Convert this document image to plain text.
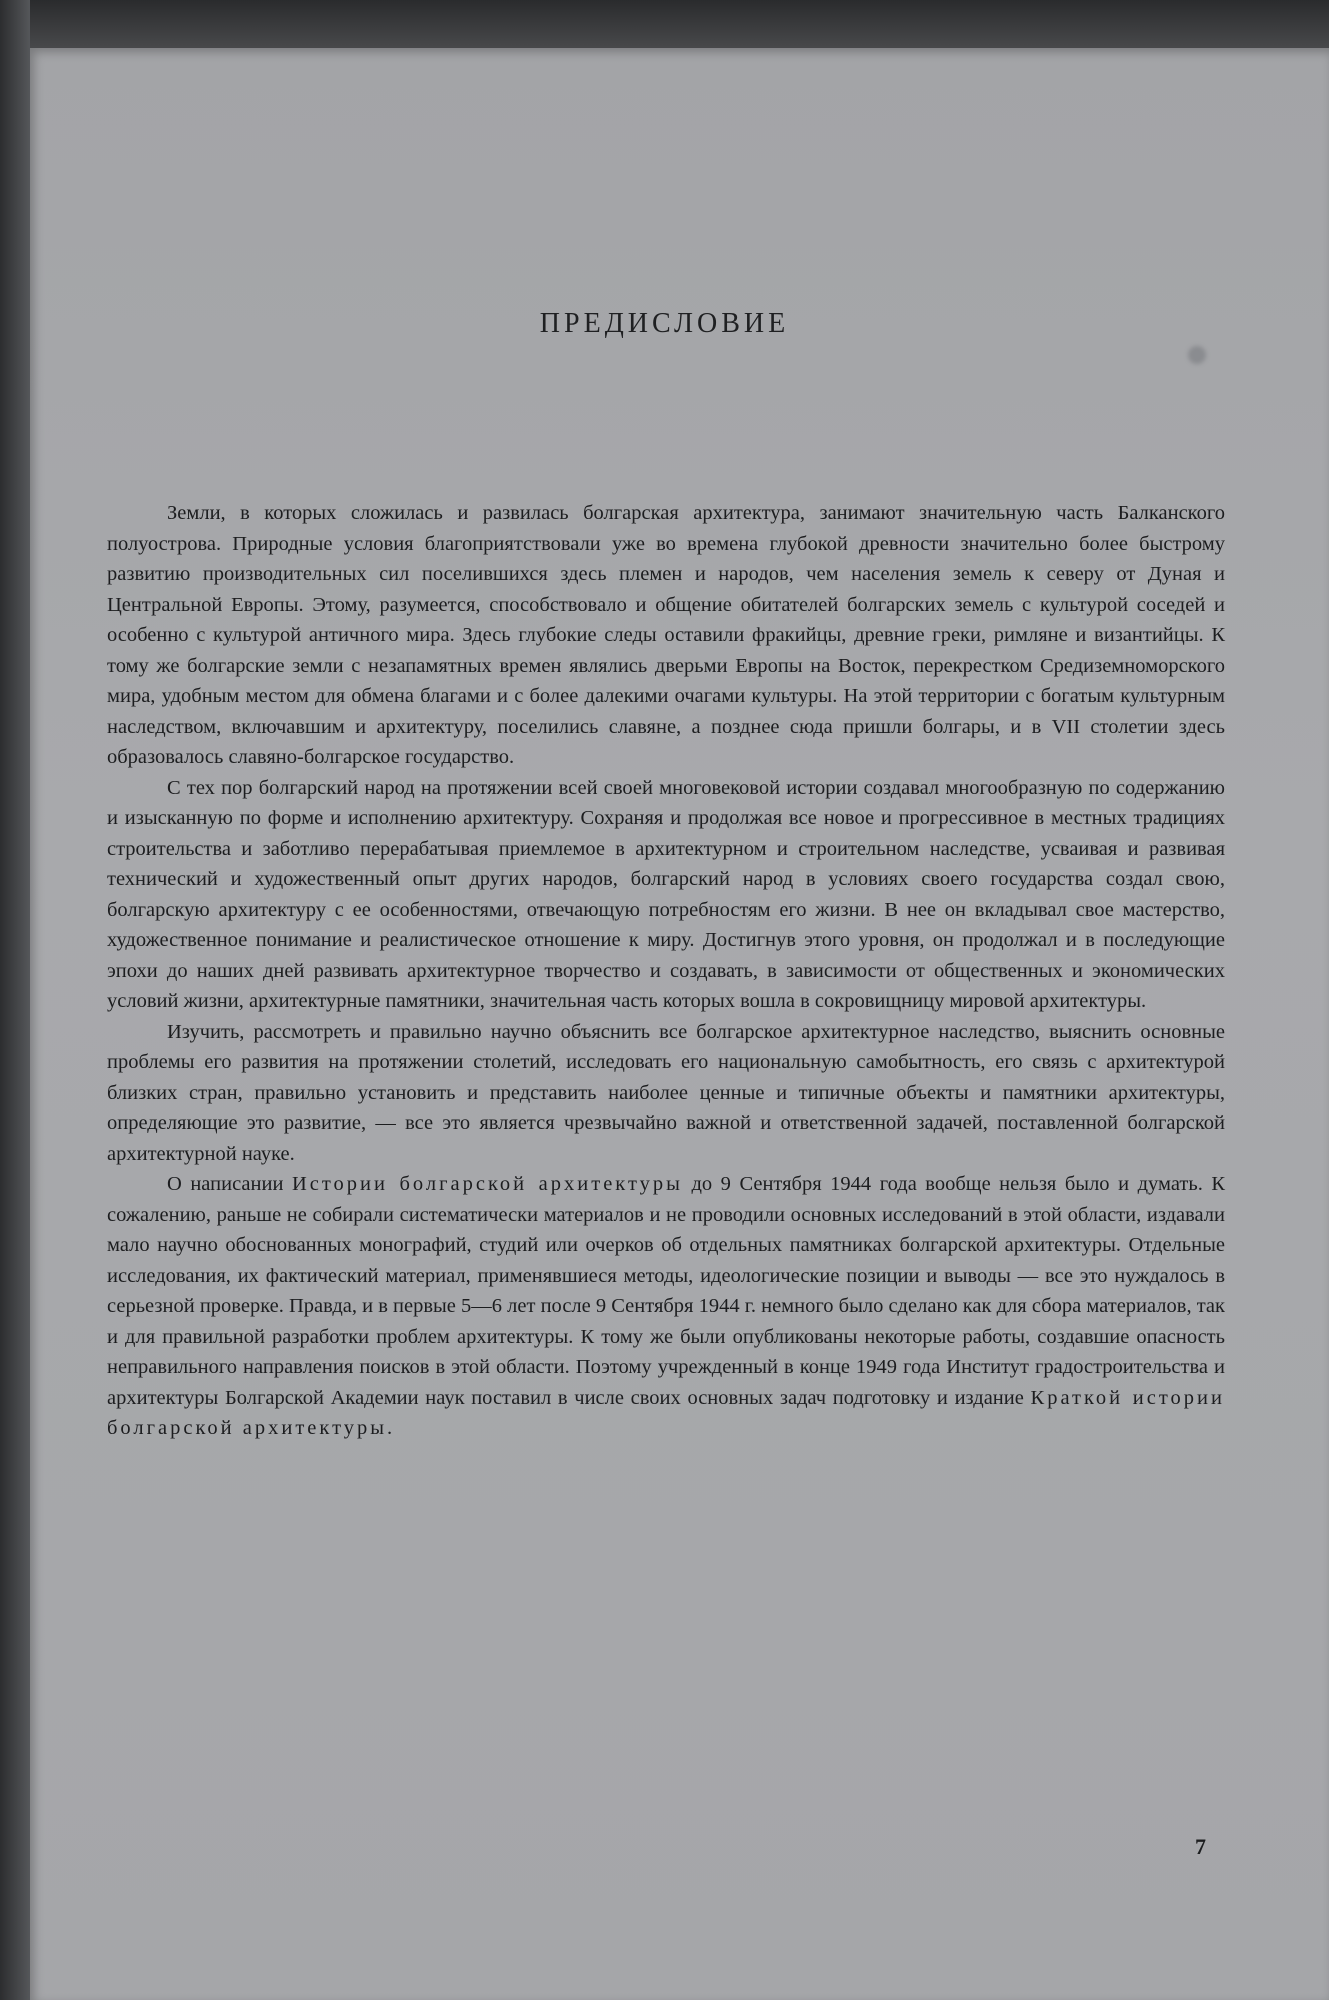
ПРЕДИСЛОВИЕ

Земли, в которых сложилась и развилась болгарская архитектура, занимают значительную часть Балканского полуострова. Природные условия благоприятствовали уже во времена глубокой древности значительно более быстрому развитию производительных сил поселившихся здесь племен и народов, чем населения земель к северу от Дуная и Центральной Европы. Этому, разумеется, способствовало и общение обитателей болгарских земель с культурой соседей и особенно с культурой античного мира. Здесь глубокие следы оставили фракийцы, древние греки, римляне и византийцы. К тому же болгарские земли с незапамятных времен являлись дверьми Европы на Восток, перекрестком Средиземноморского мира, удобным местом для обмена благами и с более далекими очагами культуры. На этой территории с богатым культурным наследством, включавшим и архитектуру, поселились славяне, а позднее сюда пришли болгары, и в VII столетии здесь образовалось славяно-болгарское государство.

С тех пор болгарский народ на протяжении всей своей многовековой истории создавал многообразную по содержанию и изысканную по форме и исполнению архитектуру. Сохраняя и продолжая все новое и прогрессивное в местных традициях строительства и заботливо перерабатывая приемлемое в архитектурном и строительном наследстве, усваивая и развивая технический и художественный опыт других народов, болгарский народ в условиях своего государства создал свою, болгарскую архитектуру с ее особенностями, отвечающую потребностям его жизни. В нее он вкладывал свое мастерство, художественное понимание и реалистическое отношение к миру. Достигнув этого уровня, он продолжал и в последующие эпохи до наших дней развивать архитектурное творчество и создавать, в зависимости от общественных и экономических условий жизни, архитектурные памятники, значительная часть которых вошла в сокровищницу мировой архитектуры.

Изучить, рассмотреть и правильно научно объяснить все болгарское архитектурное наследство, выяснить основные проблемы его развития на протяжении столетий, исследовать его национальную самобытность, его связь с архитектурой близких стран, правильно установить и представить наиболее ценные и типичные объекты и памятники архитектуры, определяющие это развитие, — все это является чрезвычайно важной и ответственной задачей, поставленной болгарской архитектурной науке.

О написании Истории болгарской архитектуры до 9 Сентября 1944 года вообще нельзя было и думать. К сожалению, раньше не собирали систематически материалов и не проводили основных исследований в этой области, издавали мало научно обоснованных монографий, студий или очерков об отдельных памятниках болгарской архитектуры. Отдельные исследования, их фактический материал, применявшиеся методы, идеологические позиции и выводы — все это нуждалось в серьезной проверке. Правда, и в первые 5—6 лет после 9 Сентября 1944 г. немного было сделано как для сбора материалов, так и для правильной разработки проблем архитектуры. К тому же были опубликованы некоторые работы, создавшие опасность неправильного направления поисков в этой области. Поэтому учрежденный в конце 1949 года Институт градостроительства и архитектуры Болгарской Академии наук поставил в числе своих основных задач подготовку и издание Краткой истории болгарской архитектуры.

7
